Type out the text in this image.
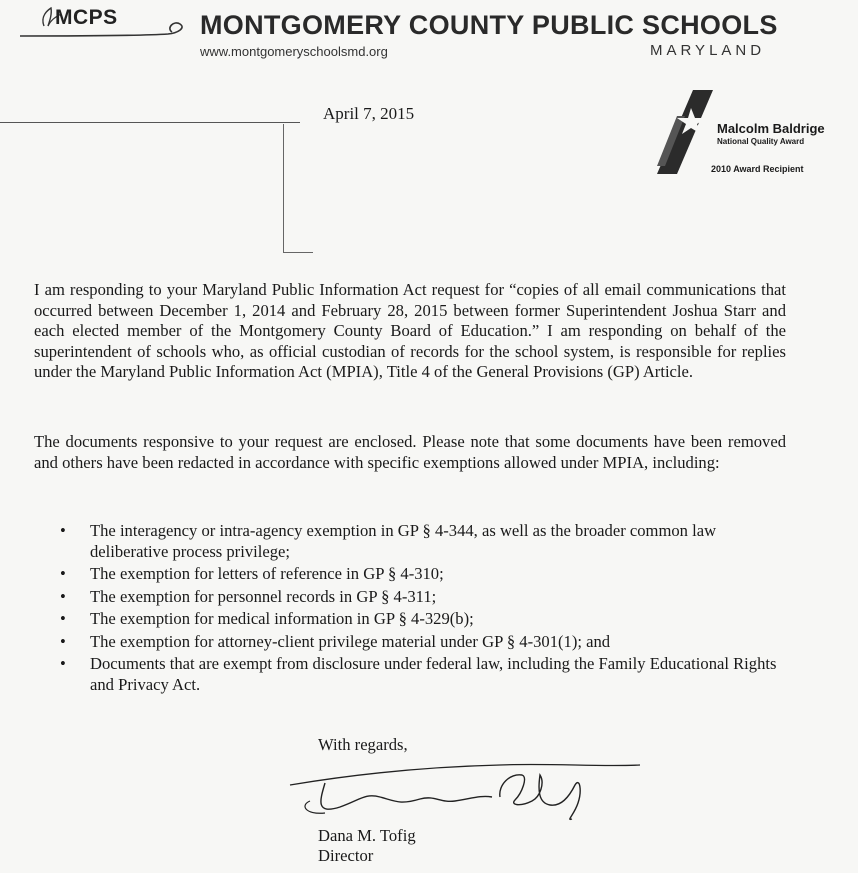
MCPS	MONTGOMERY COUNTY PUBLIC SCHOOLS
www.montgomeryschoolsmd.org	MARYLAND
Malcolm Baldrige
National Quality Award
2010 Award Recipient
April 7, 2015
I am responding to your Maryland Public Information Act request for “copies of all email communications that occurred between December 1, 2014 and February 28, 2015 between former Superintendent Joshua Starr and each elected member of the Montgomery County Board of Education.” I am responding on behalf of the superintendent of schools who, as official custodian of records for the school system, is responsible for replies under the Maryland Public Information Act (MPIA), Title 4 of the General Provisions (GP) Article.
The documents responsive to your request are enclosed. Please note that some documents have been removed and others have been redacted in accordance with specific exemptions allowed under MPIA, including:
• The interagency or intra-agency exemption in GP § 4-344, as well as the broader common law deliberative process privilege;
• The exemption for letters of reference in GP § 4-310;
• The exemption for personnel records in GP § 4-311;
• The exemption for medical information in GP § 4-329(b);
• The exemption for attorney-client privilege material under GP § 4-301(1); and
• Documents that are exempt from disclosure under federal law, including the Family Educational Rights and Privacy Act.
With regards,
Dana M. Tofig
Director
